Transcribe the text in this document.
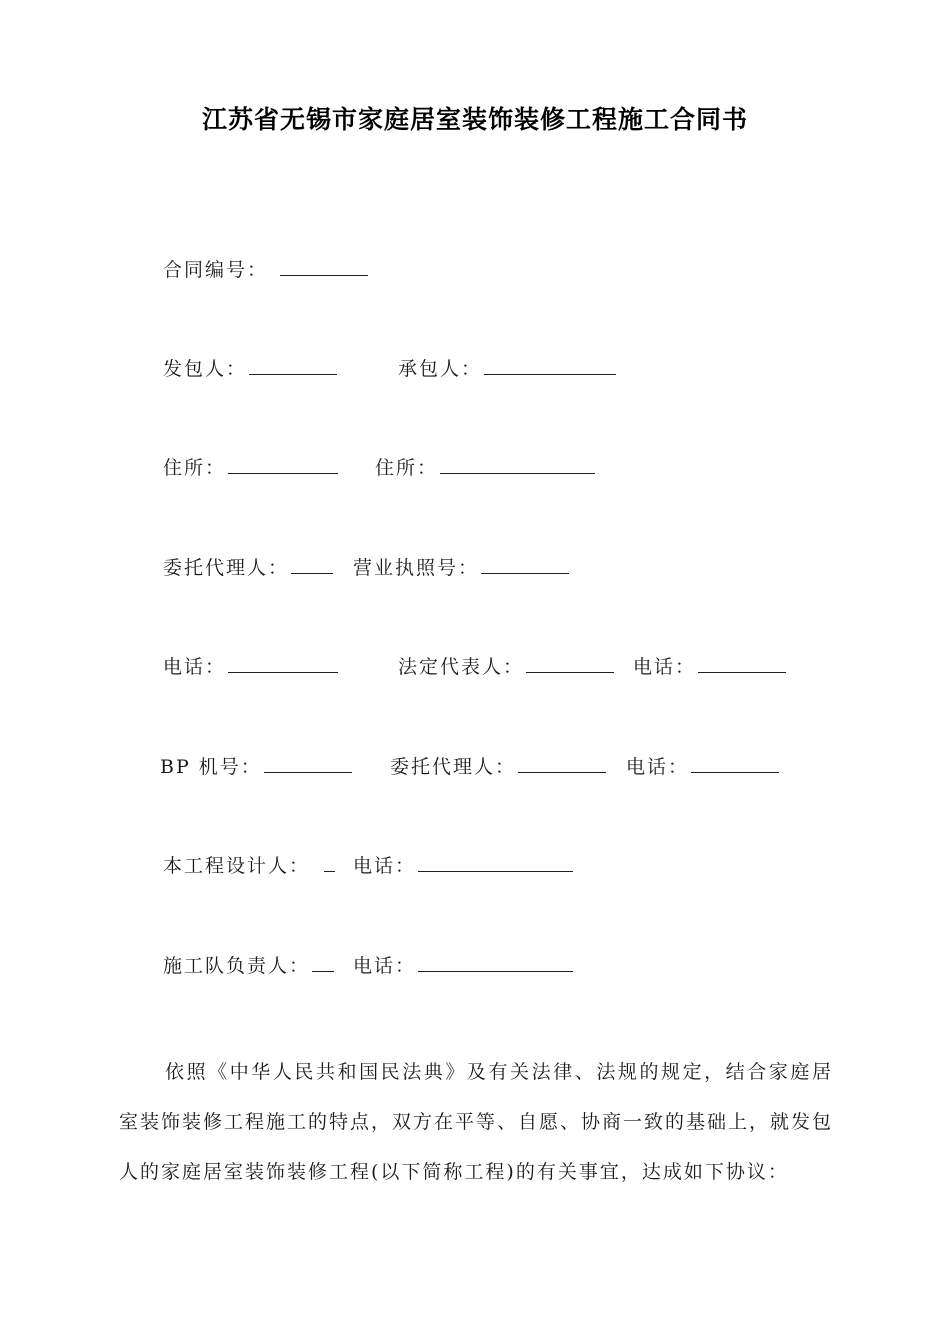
江苏省无锡市家庭居室装饰装修工程施工合同书
合同编号：
发包人：	承包人：
住所：	住所：
委托代理人：	营业执照号：
电话：	法定代表人：	电话：
BP 机号：	委托代理人：	电话：
本工程设计人：	电话：
施工队负责人：	电话：
依照《中华人民共和国民法典》及有关法律、法规的规定，结合家庭居室装饰装修工程施工的特点，双方在平等、自愿、协商一致的基础上，就发包人的家庭居室装饰装修工程(以下简称工程)的有关事宜，达成如下协议：
